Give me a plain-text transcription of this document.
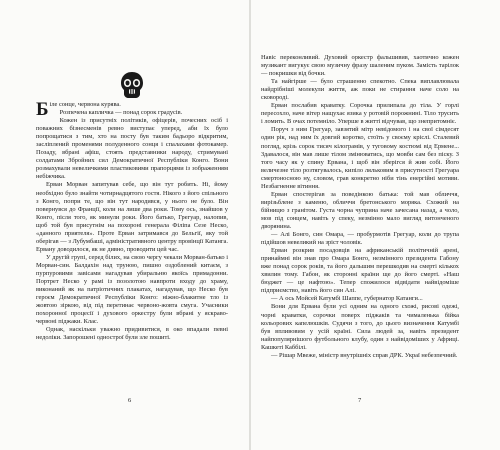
Біле сонце, червона курява.

Розпечена капличка — понад сорок градусів.

Кожен із присутніх політиків, офіцерів, почесних осіб і поважних бізнесменів ревно виступає уперед, аби їх було попрощатися з тим, хто на посту був таким бадьоро відкритим, засліплений променями полуденного сонця і спалахами фотокамер. Позаду, вбрані афіш, стоять представники народу, стримувані солдатами Збройних сил Демократичної Республіки Конго. Вони розмахували невеличкими пластиковими прапорцями із зображенням небіжчика.

Ерван Морван запитував себе, що він тут робить. Ні, йому необхідно було знайти чотирнадцятого гостя. Нікого з його спільного з Конго, попри те, що він тут народився, у нього не було. Він повернувся до Франції, коли на лише два роки. Тому ось, знайшов у Конго, після того, як минули роки. Його батько, Грегуар, налопив, щоб той був присутнім на похороні генерала Філіпа Сезе Неско, «данного приятеля». Проте Ерван затримався до Бельгії, яку той оберігав — з Лубумбаші, адміністративного центру провінції Катанга. Ервану доводилося, як не дивно, проводити цей час.

У другій групі, серед білих, на свою чергу чекали Морван-батько і Морван-син. Балдахін над труною, пишно оздоблений китаєм, з пурпуровими завісами нагадував убиральню якоїсь примадонни. Портрет Неско у рамі із позолотою навпроти входу до храму, виконаний як на патріотичних плакатах, нагадував, що Неско був героєм Демократичної Республіки Конго: ніжно-блакитне тло із жовтою зіркою, від під перетинає червоно-жовта смуга. Учасники похоронної процесії і духового оркестру були вбрані у яскраво-червоні піджаки. Клас.

Однак, наскільки уважно придивитися, в око впадали певні недоліки. Запорошені однострої були зле пошиті.

6

Навіс переконливий. Духовий оркестр фальшивив, хаотично кожен музикант вигукує свою музичну фразу шаленим пуком. Замість тарілок — покришки від бочки.

Та найгірше — було страшенно спекотно. Спека виплавлювала найдрібніші молекули життя, аж поки не стирання наче соло на сковороді.

Ерван послабив краватку. Сорочка прилипала до тіла. У горлі пересохло, наче вітер нащухає язика у ротовій порожнині. Тіло трусить і ломить. В очах потемніло. Уперше в житті відчував, що знепритомніє.

Поруч з ним Грегуар, завзятий мітр невідомого і на свої сімдесят один рік, над ним їх довгий коротко, стоїть у своєму кріслі. Сталевий погляд, крізь сорок тисяч кілограмів, у туговому костюмі від Ермене... Здавалося, він мав лише тілом змінюватись, що мовби сам без піску. З того часу як у спину Ервана, і щоб він зберігся й жив собі. Його величезне тіло розтягувалось, кипіло ляльковим в присутності Грегуара смертоносною ну, словом, грав конкретно ніби тінь енергійні мотиви. Незбагненне вітиння.

Ерван спостерігав за поведінкою батька: той мав обличчя, вирізьблене з каменю, обличчя бретонського моряка. Схожий на бійницю з гранітом. Густа чорна чуприна наче зачесана назад, а чоло, мов під сонцем, навіть у спеку, незмінно мало вигляд витонченого дворянина.

— Алі Бонго, син Омара, — пробурмотів Грегуар, коли до трупа підійшов невеликий на зріст чоловік.

Ерван розкрив посадовців на африканській політичній арені, принаймні він знав про Омара Бонго, незмінного президента Габону вже понад сорок років, та його дальшим перешкодив на смерті кількох хвилин тому. Габон, як сторонні країни ще до його смерті. «Наш бюджет — це нафтою». Тепер спожилося відвідати найвідоміше підприємство, навіть його син Алі.

— А ось Мойсей Катумбі Шаппе, губернатор Катанги...

Вони для Ервана були усі одним на одного схожі, рисові одежі, чорні краватки, сорочки поверх піджаків та чималенька бійка кольорових капелюшків. Судячи з того, до цього визначення Катумбі був впливовим у усій країні. Сила людей за, навіть президент найпопулярнішого футбольного клубу, один з найвідоміших у Африці. Кашкеті Каббілі.

— Рішар Мвеже, міністр внутрішніх справ ДРК. Украї небезпечний.

7
